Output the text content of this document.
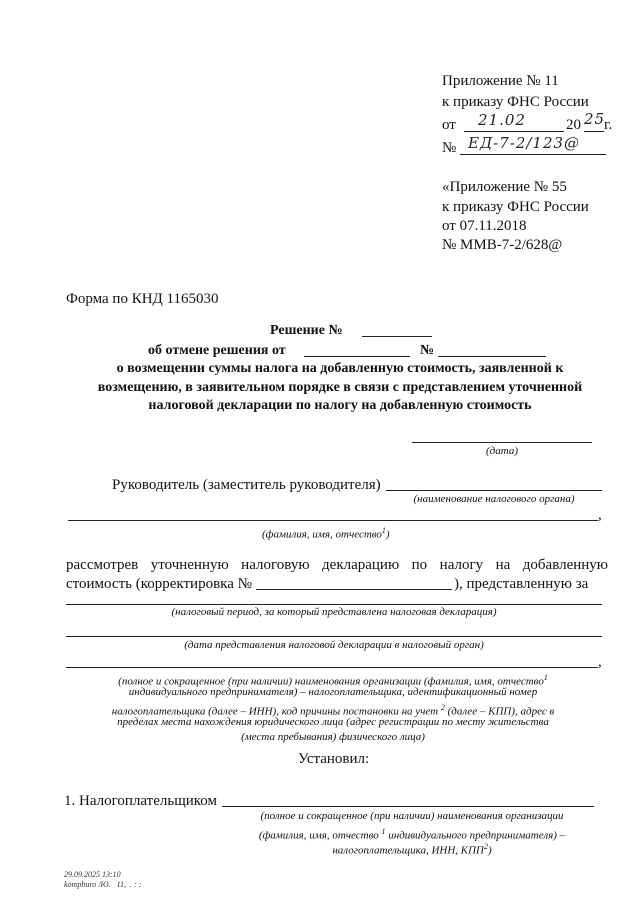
Приложение № 11
к приказу ФНС России
от 21.02	20 25
г.
№ ЕД-7-2/123@
«Приложение № 55
к приказу ФНС России
от 07.11.2018
№ ММВ-7-2/628@
Форма по КНД 1165030
Решение №
об отмене решения от	№
о возмещении суммы налога на добавленную стоимость, заявленной к
возмещению, в заявительном порядке в связи с представлением уточненной
налоговой декларации по налогу на добавленную стоимость
(дата)
Руководитель (заместитель руководителя)
(наименование налогового органа)
,
(фамилия, имя, отчество$^1$)
рассмотрев уточненную налоговую декларацию по налогу на добавленную
стоимость (корректировка №	), представленную за
(налоговый период, за который представлена налоговая декларация)
(дата представления налоговой декларации в налоговый орган)
,
(полное и сокращенное (при наличии) наименования организации (фамилия, имя, отчество$^1$
индивидуального предпринимателя) – налогоплательщика, идентификационный номер
налогоплательщика (далее – ИНН), код причины постановки на учет $^2$ (далее – КПП), адрес в
пределах места нахождения юридического лица (адрес регистрации по месту жительства
(места пребывания) физического лица)
Установил:
1. Налогоплательщиком
(полное и сокращенное (при наличии) наименования организации
(фамилия, имя, отчество $^1$ индивидуального предпринимателя) –
налогоплательщика, ИНН, КПП$^2$)
29.09.2025 13:10
kompburo /Ю.   11,  . : :
